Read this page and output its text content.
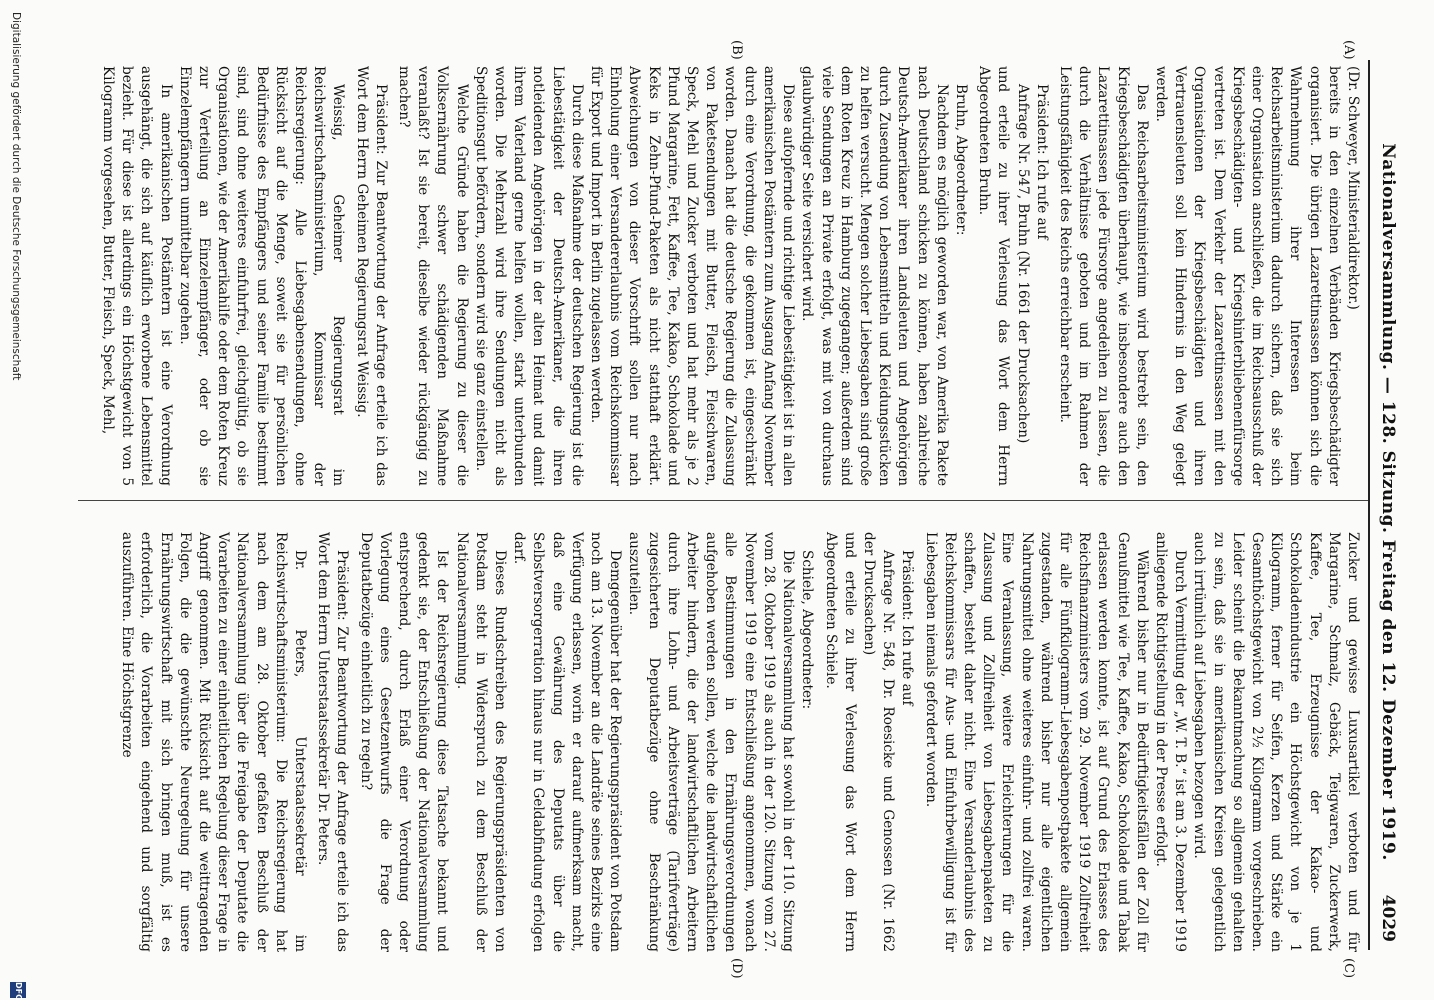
4029
Nationalversammlung. — 128. Sitzung. Freitag den 12. Dezember 1919.
(A)
(B)
(C)
(D)

(Dr. Schweyer, Ministerialdirektor.)

bereits in den einzelnen Verbänden Kriegsbeschädigter organisiert. Die übrigen Lazarettinsassen können sich die Wahrnehmung ihrer Interessen beim Reichsarbeitsministerium dadurch sichern, daß sie sich einer Organisation anschließen, die im Reichsausschuß der Kriegsbeschädigten- und Kriegshinterbliebenenfürsorge vertreten ist. Dem Verkehr der Lazarettinsassen mit den Organisationen der Kriegsbeschädigten und ihren Vertrauensleuten soll kein Hindernis in den Weg gelegt werden.

Das Reichsarbeitsministerium wird bestrebt sein, den Kriegsbeschädigten überhaupt, wie insbesondere auch den Lazarettinsassen jede Fürsorge angedeihen zu lassen, die durch die Verhältnisse geboten und im Rahmen der Leistungsfähigkeit des Reichs erreichbar erscheint.

Präsident: Ich rufe auf

Anfrage Nr. 547, Bruhn (Nr. 1661 der Drucksachen)

und erteile zu ihrer Verlesung das Wort dem Herrn Abgeordneten Bruhn.

Bruhn, Abgeordneter:

Nachdem es möglich geworden war, von Amerika Pakete nach Deutschland schicken zu können, haben zahlreiche Deutsch-Amerikaner ihren Landsleuten und Angehörigen durch Zusendung von Lebensmitteln und Kleidungsstücken zu helfen versucht. Mengen solcher Liebesgaben sind große dem Roten Kreuz in Hamburg zugegangen; außerdem sind viele Sendungen an Private erfolgt, was mit von durchaus glaubwürdiger Seite versichert wird.

Diese aufopfernde und richtige Liebestätigkeit ist in allen amerikanischen Postämtern zum Ausgang Anfang November durch eine Verordnung, die gekommen ist, eingeschränkt worden. Danach hat die deutsche Regierung die Zulassung von Paketsendungen mit Butter, Fleisch, Fleischwaren, Speck, Mehl und Zucker verboten und hat mehr als je 2 Pfund Margarine, Fett, Kaffee, Tee, Kakao, Schokolade und Keks in Zehn-Pfund-Paketen als nicht statthaft erklärt. Abweichungen von dieser Vorschrift sollen nur nach Einholung einer Versandererlaubnis vom Reichskommissar für Export und Import in Berlin zugelassen werden.

Durch diese Maßnahme der deutschen Regierung ist die Liebestätigkeit der Deutsch-Amerikaner, die ihren notleidenden Angehörigen in der alten Heimat und damit ihrem Vaterland gerne helfen wollen, stark unterbunden worden. Die Mehrzahl wird ihre Sendungen nicht als Speditionsgut befördern, sondern wird sie ganz einstellen.

Welche Gründe haben die Regierung zu dieser die Volksernährung schwer schädigenden Maßnahme veranlaßt? Ist sie bereit, dieselbe wieder rückgängig zu machen?

Präsident: Zur Beantwortung der Anfrage erteile ich das Wort dem Herrn Geheimen Regierungsrat Weissig.

Weissig, Geheimer Regierungsrat im Reichswirtschaftsministerium, Kommissar der Reichsregierung: Alle Liebesgabensendungen, ohne Rücksicht auf die Menge, soweit sie für persönlichen Bedürfnisse des Empfängers und seiner Familie bestimmt sind, sind ohne weiteres einfuhrfrei, gleichgültig, ob sie Organisationen, wie der Amerikahilfe oder dem Roten Kreuz zur Verteilung an Einzelempfänger, oder ob sie Einzelempfängern unmittelbar zugehen.

In amerikanischen Postämtern ist eine Verordnung ausgehängt, die sich auf käuflich erworbene Lebensmittel bezieht. Für diese ist allerdings ein Höchstgewicht von 5 Kilogramm vorgesehen, Butter, Fleisch, Speck, Mehl,

Zucker und gewisse Luxusartikel verboten und für Margarine, Schmalz, Gebäck, Teigwaren, Zuckerwerk, Kaffee, Tee, Erzeugnisse der Kakao- und Schokoladenindustrie ein Höchstgewicht von je 1 Kilogramm, ferner für Seifen, Kerzen und Stärke ein Gesamthöchstgewicht von 2½ Kilogramm vorgeschrieben. Leider scheint die Bekanntmachung so allgemein gehalten zu sein, daß sie in amerikanischen Kreisen gelegentlich auch irrtümlich auf Liebesgaben bezogen wird.

Durch Vermittlung der „W. T. B.“ ist am 3. Dezember 1919 anliegende Richtigstellung in der Presse erfolgt.

Während bisher nur in Bedürftigkeitsfällen der Zoll für Genußmittel wie Tee, Kaffee, Kakao, Schokolade und Tabak erlassen werden konnte, ist auf Grund des Erlasses des Reichsfinanzministers vom 29. November 1919 Zollfreiheit für alle Fünfkilogramm-Liebesgabenpostpakete allgemein zugestanden, während bisher nur alle eigentlichen Nahrungsmittel ohne weiteres einfuhr- und zollfrei waren. Eine Veranlassung, weitere Erleichterungen für die Zulassung und Zollfreiheit von Liebesgabenpaketen zu schaffen, besteht daher nicht. Eine Versanderlaubnis des Reichskommissars für Aus- und Einfuhrbewilligung ist für Liebesgaben niemals gefordert worden.

Präsident: Ich rufe auf

Anfrage Nr. 548, Dr. Roesicke und Genossen (Nr. 1662 der Drucksachen)

und erteile zu ihrer Verlesung das Wort dem Herrn Abgeordneten Schiele.

Schiele, Abgeordneter:

Die Nationalversammlung hat sowohl in der 110. Sitzung vom 28. Oktober 1919 als auch in der 120. Sitzung vom 27. November 1919 eine Entschließung angenommen, wonach alle Bestimmungen in den Ernährungsverordnungen aufgehoben werden sollen, welche die landwirtschaftlichen Arbeiter hindern, die der landwirtschaftlichen Arbeitern durch ihre Lohn- und Arbeitsverträge (Tarifverträge) zugesicherten Deputatbezüge ohne Beschränkung auszuteilen.

Demgegenüber hat der Regierungspräsident von Potsdam noch am 13. November an die Landräte seines Bezirks eine Verfügung erlassen, worin er darauf aufmerksam macht, daß eine Gewährung des Deputats über die Selbstversorgerration hinaus nur in Geldabfindung erfolgen darf.

Dieses Rundschreiben des Regierungspräsidenten von Potsdam steht in Widerspruch zu dem Beschluß der Nationalversammlung.

Ist der Reichsregierung diese Tatsache bekannt und gedenkt sie, der Entschließung der Nationalversammlung entsprechend, durch Erlaß einer Verordnung oder Vorlegung eines Gesetzentwurfs die Frage der Deputatbezüge einheitlich zu regeln?

Präsident: Zur Beantwortung der Anfrage erteile ich das Wort dem Herrn Unterstaatssekretär Dr. Peters.

Dr. Peters, Unterstaatssekretär im Reichswirtschaftsministerium: Die Reichsregierung hat nach dem am 28. Oktober gefaßten Beschluß der Nationalversammlung über die Freigabe der Deputate die Vorarbeiten zu einer einheitlichen Regelung dieser Frage in Angriff genommen. Mit Rücksicht auf die weittragenden Folgen, die die gewünschte Neuregelung für unsere Ernährungswirtschaft mit sich bringen muß, ist es erforderlich, die Vorarbeiten eingehend und sorgfältig auszuführen. Eine Höchstgrenze

Digitalisierung gefördert durch die Deutsche Forschungsgemeinschaft
DFG
